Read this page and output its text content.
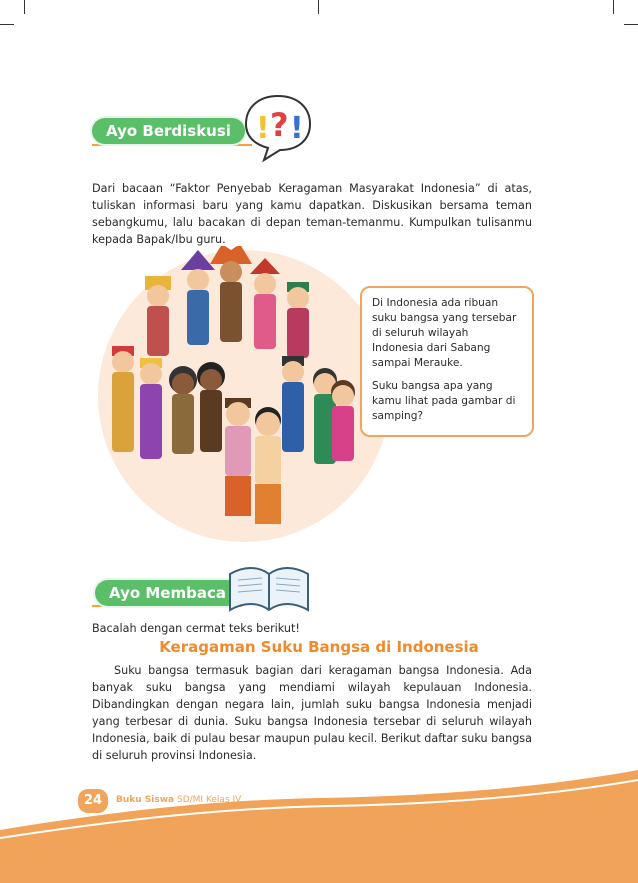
Ayo Berdiskusi ! ? !
Dari bacaan “Faktor Penyebab Keragaman Masyarakat Indonesia” di atas, tuliskan informasi baru yang kamu dapatkan. Diskusikan bersama teman sebangkumu, lalu bacakan di depan teman-temanmu. Kumpulkan tulisanmu kepada Bapak/Ibu guru.

Di Indonesia ada ribuan suku bangsa yang tersebar di seluruh wilayah Indonesia dari Sabang sampai Merauke.

Suku bangsa apa yang kamu lihat pada gambar di samping?

Ayo Membaca
Bacalah dengan cermat teks berikut!
Keragaman Suku Bangsa di Indonesia
Suku bangsa termasuk bagian dari keragaman bangsa Indonesia. Ada banyak suku bangsa yang mendiami wilayah kepulauan Indonesia. Dibandingkan dengan negara lain, jumlah suku bangsa Indonesia menjadi yang terbesar di dunia. Suku bangsa Indonesia tersebar di seluruh wilayah Indonesia, baik di pulau besar maupun pulau kecil. Berikut daftar suku bangsa di seluruh provinsi Indonesia.
24	Buku Siswa SD/MI Kelas IV
